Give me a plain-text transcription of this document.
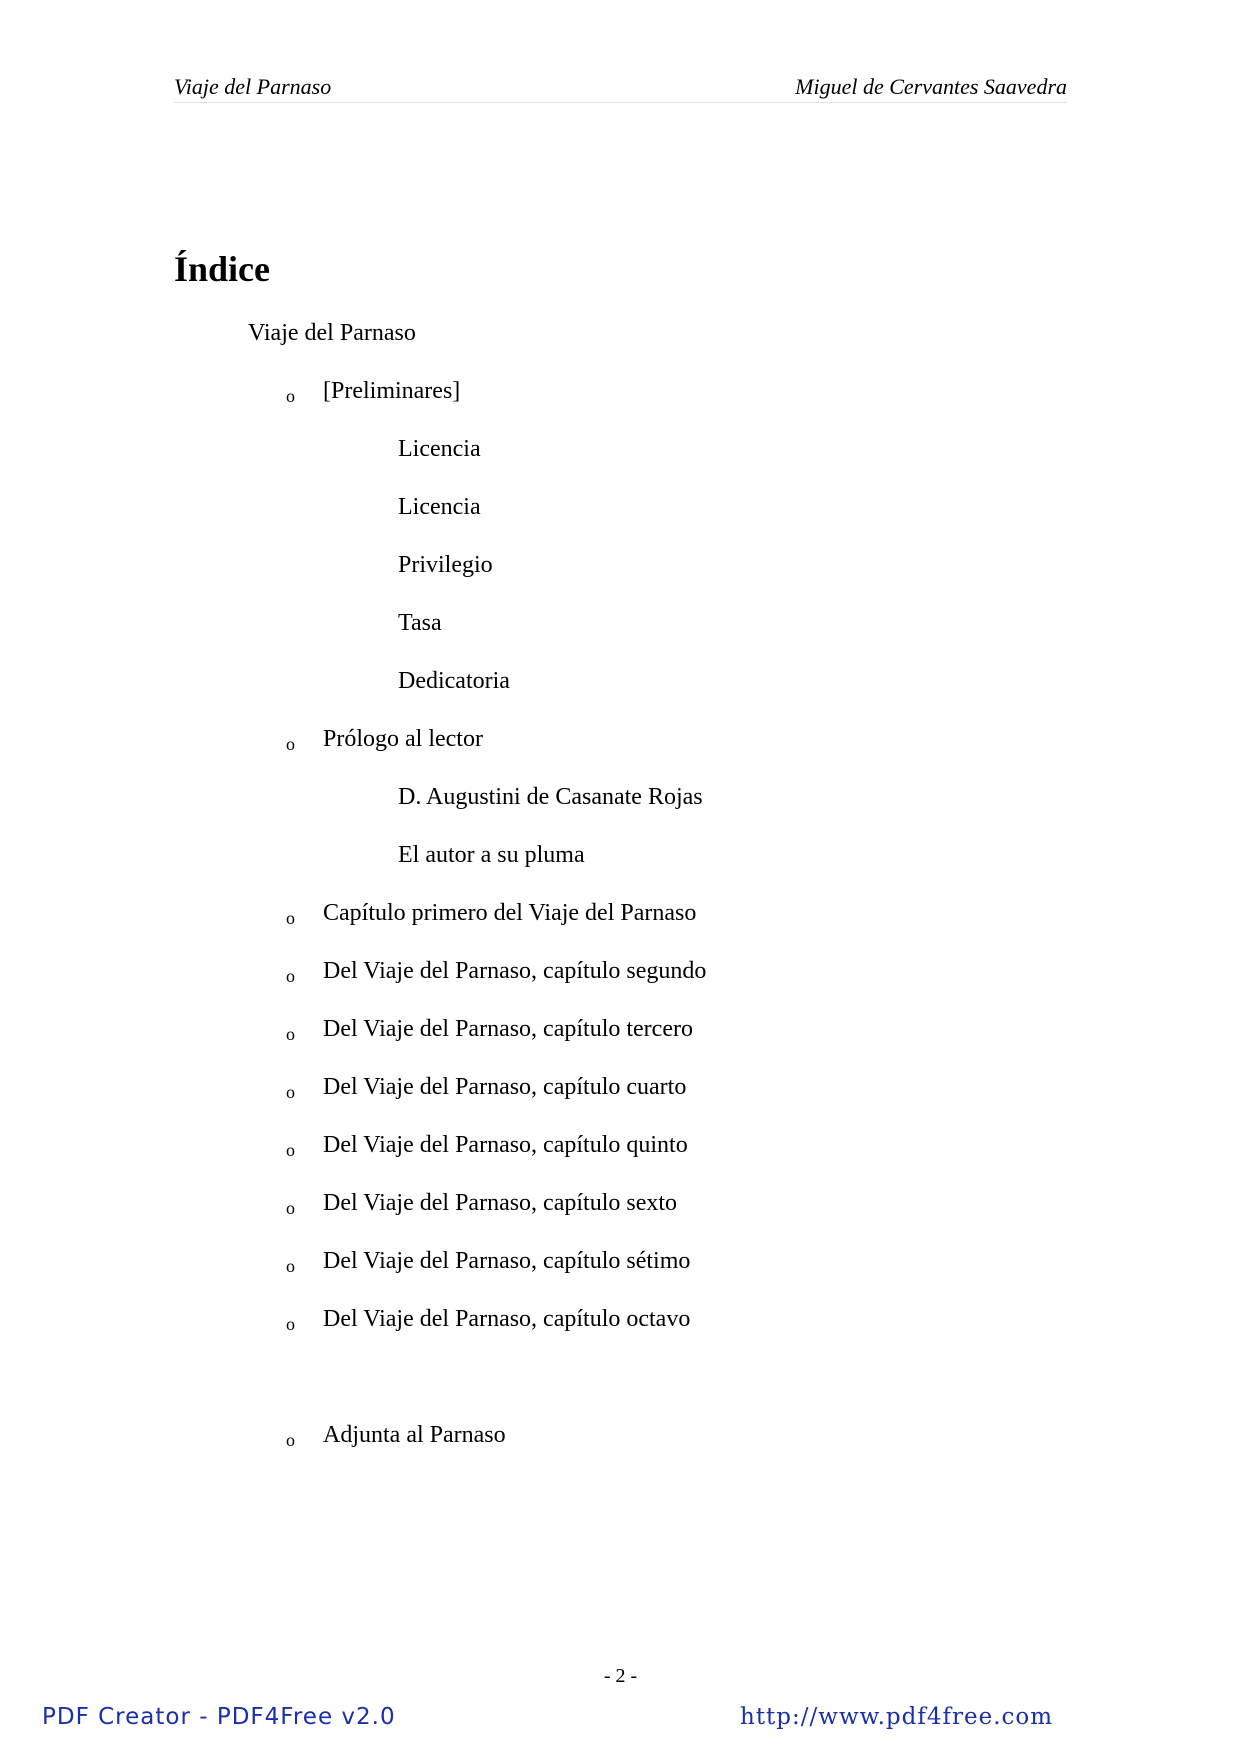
Viaje del Parnaso	Miguel de Cervantes Saavedra
Índice
Viaje del Parnaso
o [Preliminares]
Licencia
Licencia
Privilegio
Tasa
Dedicatoria
o Prólogo al lector
D. Augustini de Casanate Rojas
El autor a su pluma
o Capítulo primero del Viaje del Parnaso
o Del Viaje del Parnaso, capítulo segundo
o Del Viaje del Parnaso, capítulo tercero
o Del Viaje del Parnaso, capítulo cuarto
o Del Viaje del Parnaso, capítulo quinto
o Del Viaje del Parnaso, capítulo sexto
o Del Viaje del Parnaso, capítulo sétimo
o Del Viaje del Parnaso, capítulo octavo
o Adjunta al Parnaso
- 2 -
PDF Creator - PDF4Free v2.0	http://www.pdf4free.com
